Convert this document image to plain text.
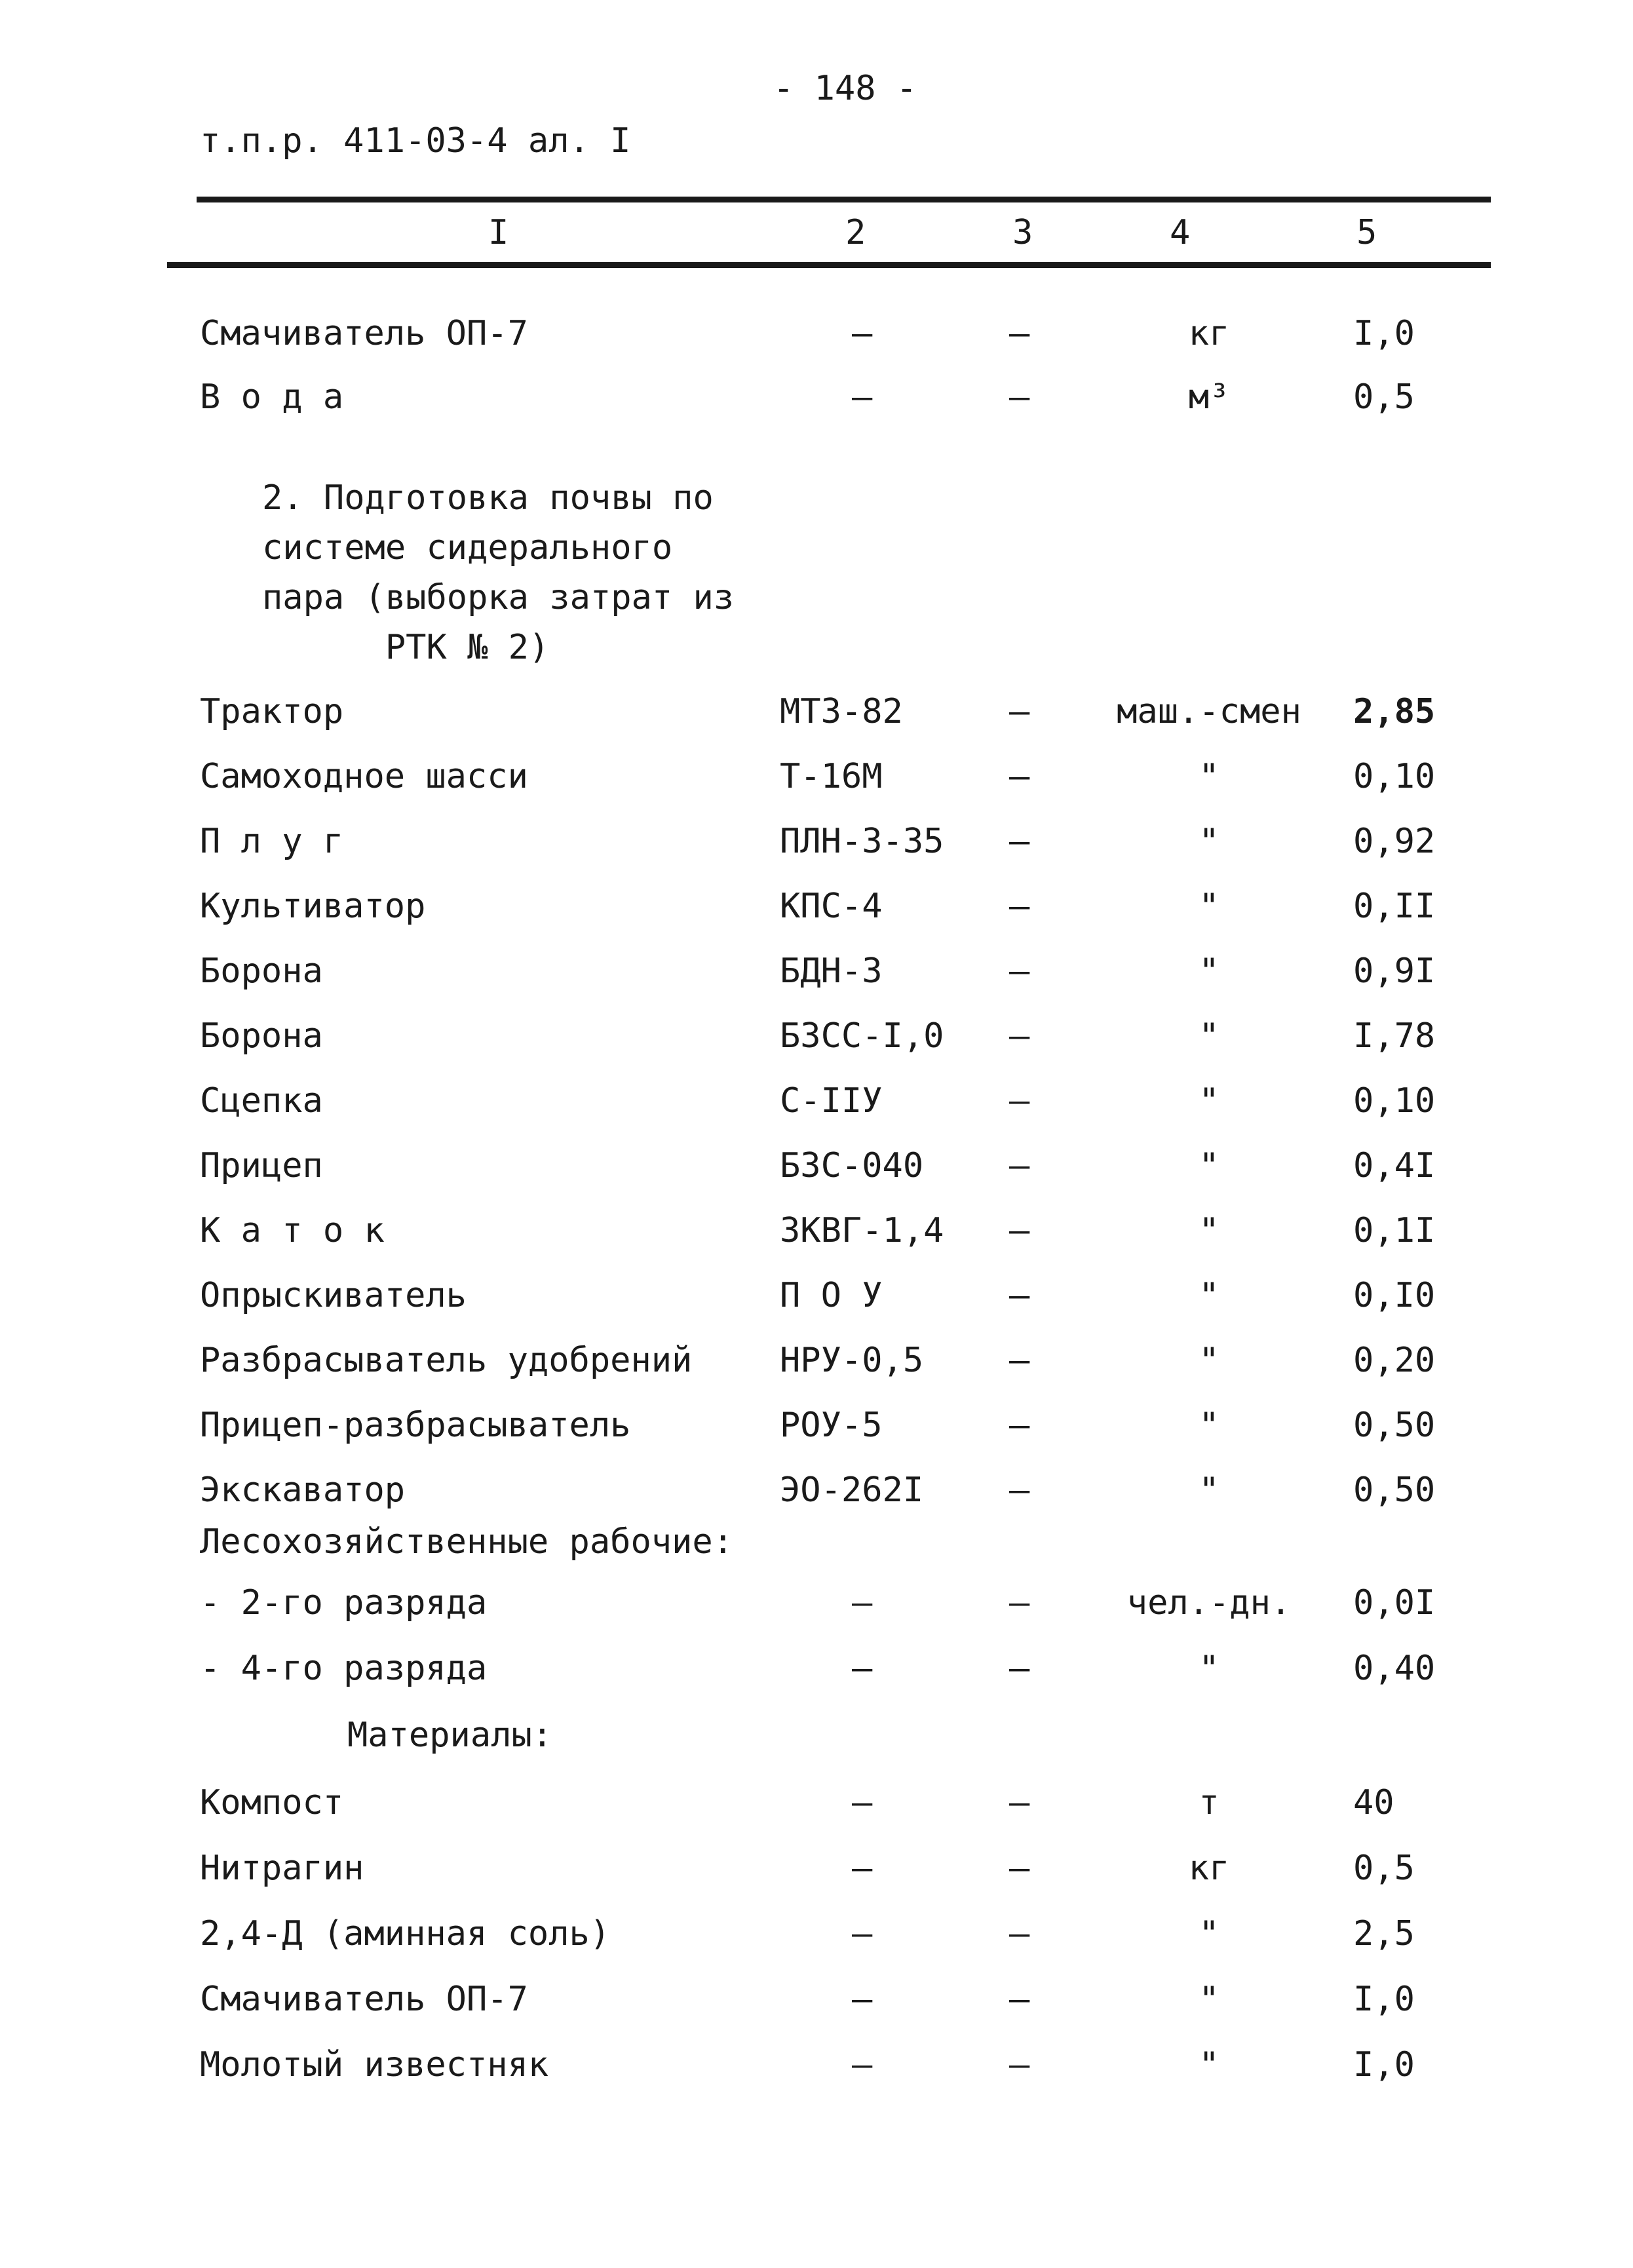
- 148 -
т.п.р. 411-03-4 ал. I
I	2	3	4	5
Смачиватель ОП-7	–	–	кг	I,0
В о д а	–	–	м³	0,5
2. Подготовка почвы по
системе сидерального
пара (выборка затрат из
РТК № 2)
Трактор	МТЗ-82	–	маш.-смен 2,85
Самоходное шасси	Т-16М	–	"	0,10
П л у г	ПЛН-3-35 –	"	0,92
Культиватор	КПС-4	–	"	0,II
Борона	БДН-3	–	"	0,9I
Борона	БЗСС-I,0 –	"	I,78
Сцепка	С-IIУ	–	"	0,10
Прицеп	БЗС-040	–	"	0,4I
К а т о к	ЗКВГ-1,4 –	"	0,1I
Опрыскиватель	П О У	–	"	0,I0
Разбрасыватель удобрений	НРУ-0,5	–	"	0,20
Прицеп-разбрасыватель	РОУ-5	–	"	0,50
Экскаватор	ЭО-262I	–	"	0,50
Лесохозяйственные рабочие:
- 2-го разряда	–	–	чел.-дн.	0,0I
- 4-го разряда	–	–	"	0,40
Материалы:
Компост	–	–	т	40
Нитрагин	–	–	кг	0,5
2,4-Д (аминная соль)	–	–	"	2,5
Смачиватель ОП-7	–	–	"	I,0
Молотый известняк	–	–	"	I,0
